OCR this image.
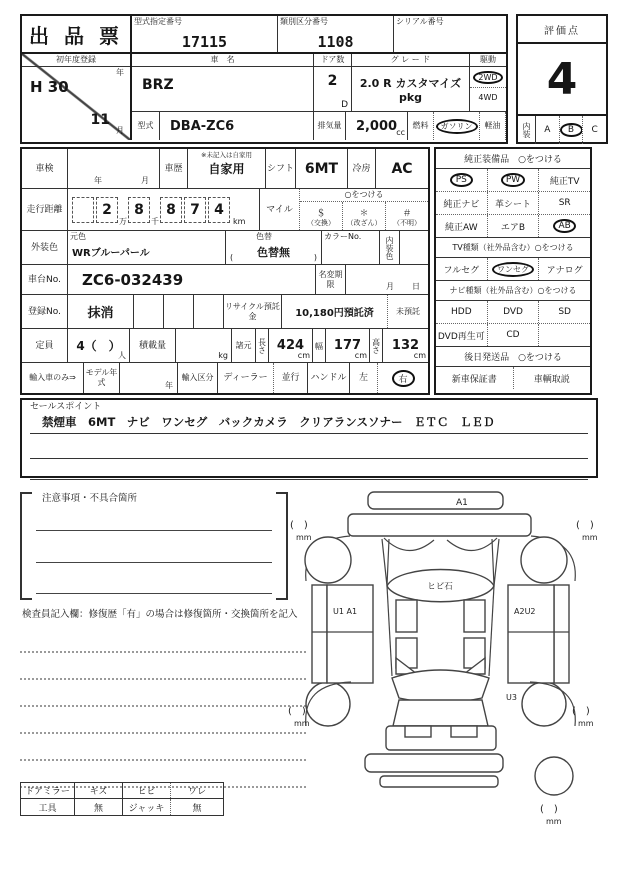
出 品 票
型式指定番号
17115
類別区分番号
1108
シリアル番号
初年度登録
年
H 30
11
月
車　名
BRZ
ドア数
2
D
グ レ ー ド
2.0 R カスタマイズpkg
駆動
2WD
4WD
型式	DBA-ZC6	排気量	2,000 cc
燃料	ガソリン	軽油
評価点
4
内装	A	B	C
車検
年	月
車歴
※未記入は自家用
自家用	シフト 6MT	冷房	AC
走行距離	2
万
8
千
8	7	4
km
マイル
○をつける
＄
（交換）
＊
（改ざん）
＃
（不明）
外装色
元色
WRブルーパール
色替
色替無
(	)
カラーNo.	内装色
車台No.	ZC6-032439	名変期限	月 日
登録No.	抹消	リサイクル預託金	10,180円預託済	未預託
定員	4（　）
人
積載量
kg
諸元 長さ 424
cm
幅 177
cm
高さ 132
cm
輸入車のみ⇒
モデル年式	年
輸入区分	ディーラー	並行	ハンドル	左	右
純正装備品　○をつける
PS	PW	純正TV
純正ナビ	革シート	SR
純正AW	エアB	AB
TV種類（社外品含む）○をつける
フルセグ	ワンセグ	アナログ
ナビ種類（社外品含む）○をつける
HDD	DVD	SD
DVD再生可	CD
後日発送品　○をつける
新車保証書	車輌取説
セールスポイント
禁煙車　6MT　ナビ　ワンセグ　バックカメラ　クリアランスソナー　ＥＴＣ　ＬＥＤ
注意事項・不具合箇所
検査員記入欄：修復歴「有」の場合は修復箇所・交換箇所を記入
ドアミラー	キズ	ヒビ	ワレ
工具	無	ジャッキ	無
A1
ヒビ石
U1 A1	A2U2
U3
(　)
mm
(　)
mm
(　)
mm
(　)
mm
(　)
mm
